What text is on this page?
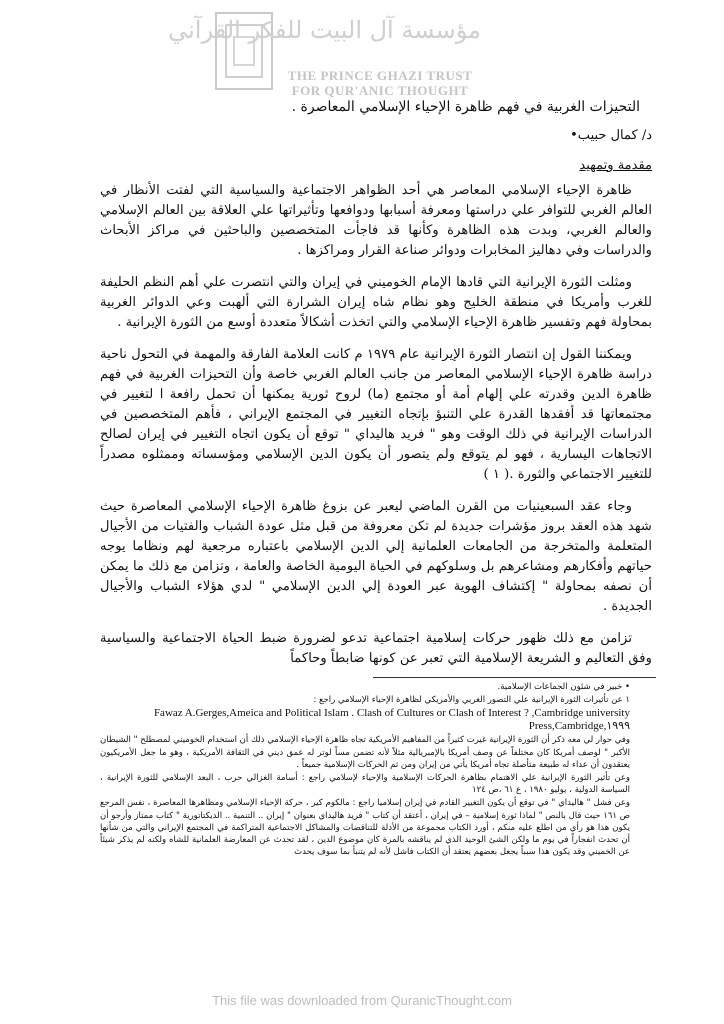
مؤسسة آل البيت للفكر القرآني
THE PRINCE GHAZI TRUST
FOR QUR'ANIC THOUGHT
التحيزات الغربية في فهم ظاهرة الإحياء الإسلامي المعاصرة .
د/ كمال حبيب•
مقدمة وتمهيد

ظاهرة الإحياء الإسلامي المعاصر هي أحد الظواهر الاجتماعية والسياسية التي لفتت الأنظار في العالم الغربي للتوافر علي دراستها ومعرفة أسبابها ودوافعها وتأثيراتها علي العلاقة بين العالم الإسلامي والعالم الغربي، وبدت هذه الظاهرة وكأنها قد فاجأت المتخصصين والباحثين في مراكز الأبحاث والدراسات وفي دهاليز المخابرات ودوائر صناعة القرار ومراكزها .

ومثلت الثورة الإيرانية التي قادها الإمام الخوميني في إيران والتي انتصرت علي أهم النظم الحليفة للغرب وأمريكا في منطقة الخليج وهو نظام شاه إيران الشرارة التي ألهبت وعي الدوائر الغربية بمحاولة فهم وتفسير ظاهرة الإحياء الإسلامي والتي اتخذت أشكالاً متعددة أوسع من الثورة الإيرانية .

ويمكننا القول إن انتصار الثورة الإيرانية عام ١٩٧٩ م كانت العلامة الفارقة والمهمة في التحول ناحية دراسة ظاهرة الإحياء الإسلامي المعاصر من جانب العالم الغربي خاصة وأن التحيزات الغربية في فهم ظاهرة الدين وقدرته علي إلهام أمة أو مجتمع (ما) لروح ثورية يمكنها أن تحمل رافعة ا لتغيير في مجتمعاتها قد أفقدها القدرة علي التنبؤ بإتجاه التغيير في المجتمع الإيراني ، فأهم المتخصصين في الدراسات الإيرانية في ذلك الوقت وهو " فريد هاليداي " توقع أن يكون اتجاه التغيير في إيران لصالح الاتجاهات اليسارية ، فهو لم يتوقع ولم يتصور أن يكون الدين الإسلامي ومؤسساته وممثلوه مصدراً للتغيير الاجتماعي والثورة .( ١ )

وجاء عقد السبعينيات من القرن الماضي ليعبر عن بزوغ ظاهرة الإحياء الإسلامي المعاصرة حيث شهد هذه العقد بروز مؤشرات جديدة لم تكن معروفة من قبل مثل عودة الشباب والفتيات من الأجيال المتعلمة والمتخرجة من الجامعات العلمانية إلي الدين الإسلامي باعتباره مرجعية لهم ونظاما يوجه حياتهم وأفكارهم ومشاعرهم بل وسلوكهم في الحياة اليومية الخاصة والعامة ، وتزامن مع ذلك ما يمكن أن نصفه بمحاولة " إكتشاف الهوية عبر العودة إلي الدين الإسلامي " لدي هؤلاء الشباب والأجيال الجديدة .

تزامن مع ذلك ظهور حركات إسلامية اجتماعية تدعو لضرورة ضبط الحياة الاجتماعية والسياسية وفق التعاليم و الشريعة الإسلامية التي تعبر عن كونها ضابطاً وحاكماً

• خبير في شئون الجماعات الإسلامية.

١ عن تأثيرات الثورة الإيرانية علي التصور الغربي والأمريكي لظاهرة الإحياء الإسلامي راجع :

Fawaz A.Gerges,Ameica and Political Islam . Clash of Cultures or Clash of Interest ? ,Cambridge university Press,Cambridge,١٩٩٩

وفي حوار لي معه ذكر أن الثورة الإيرانية غيرت كثيراً من المفاهيم الأمريكية تجاه ظاهرة الإحياء الإسلامي ذلك أن استخدام الخوميني لمصطلح " الشيطان الأكبر " لوصف أمريكا كان مختلفاً عن وصف أمريكا بالإمبريالية مثلاً لأنه تضمن مساً لوتر له عمق ديني في الثقافة الأمريكية ، وهو ما جعل الأمريكيون يعتقدون أن عداء له طبيعة متأصلة تجاه أمريكا يأتي من إيران ومن ثم الحركات الإسلامية جميعاً .

وعن تأثير الثورة الإيرانية علي الاهتمام بظاهرة الحركات الإسلامية والإحياء لإسلامي راجع : أسامة الغزالي حرب ، البعد الإسلامي للثورة الإيرانية ، السياسة الدولية ، يوليو ١٩٨٠ ، ع ٦١ ،ص ١٢٤

وعن فشل " هاليداي " في توقع أن يكون التغيير القادم في إيران إسلاميا راجع : مالكوم كير ، حركة الإحياء الإسلامي ومظاهرها المعاصرة ، نفس المرجع ص ١٦١ حيث قال بالنص " لماذا ثورة إسلامية – في إيران ، أعتقد أن كتاب " فريد هاليداي بعنوان " إيران .. التنمية .. الديكتاتورية " كتاب ممتاز وأرجو أن يكون هذا هو رأي من اطلع عليه منكم ، أورد الكتاب مجموعة من الأدلة للتناقضات والمشاكل الاجتماعية المتراكمة في المجتمع الإيراني والتي من شأنها أن تحدث انفجاراً في يوم ما ولكن الشئ الوحيد الذي لم يناقشه بالمرة كان موضوع الدين ، لقد تحدث عن المعارضة العلمانية للشاه ولكنه لم يذكر شيئاً عن الخميني وقد يكون هذا سبباً يجعل بعضهم يعتقد أن الكتاب فاشل لأنه لم يتنبأ بما سوف يحدث

This file was downloaded from QuranicThought.com
